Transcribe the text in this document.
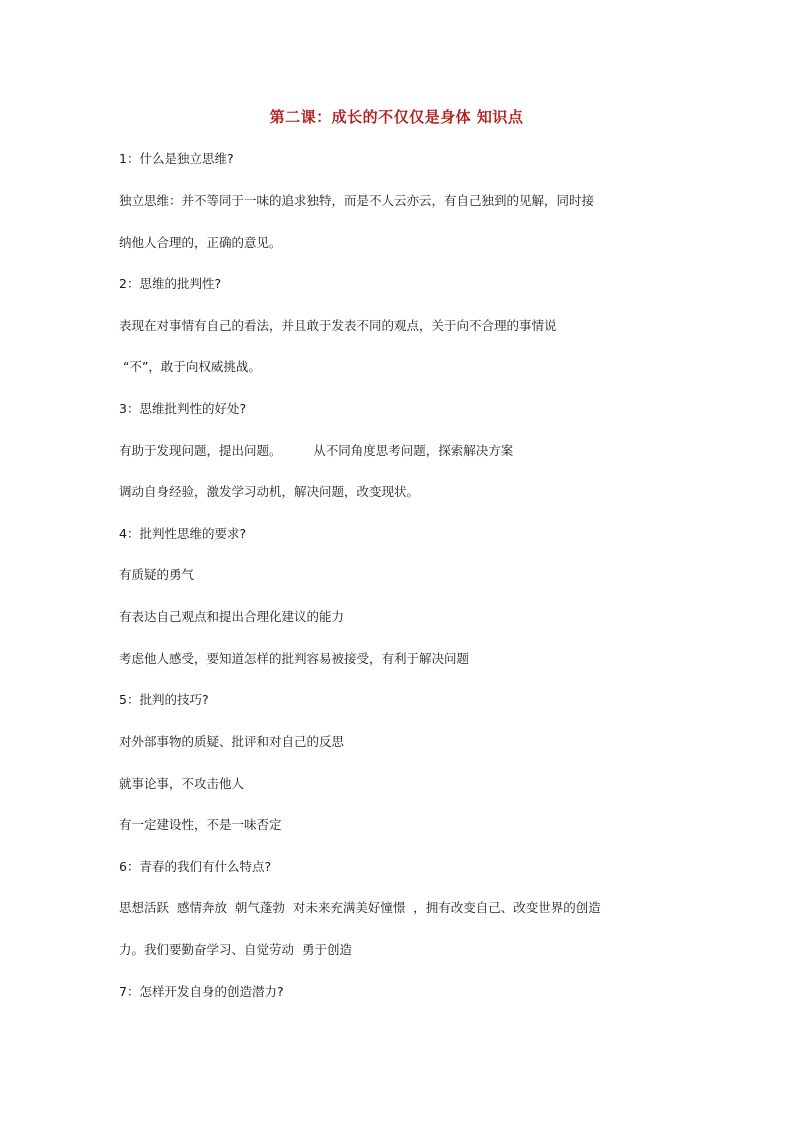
第二课：成长的不仅仅是身体 知识点
1：什么是独立思维?
独立思维：并不等同于一味的追求独特，而是不人云亦云，有自己独到的见解，同时接
纳他人合理的，正确的意见。
2：思维的批判性?
表现在对事情有自己的看法，并且敢于发表不同的观点，关于向不合理的事情说
“不”，敢于向权威挑战。
3：思维批判性的好处?
有助于发现问题，提出问题。        从不同角度思考问题，探索解决方案
调动自身经验，激发学习动机，解决问题，改变现状。
4：批判性思维的要求?
有质疑的勇气
有表达自己观点和提出合理化建议的能力
考虑他人感受，要知道怎样的批判容易被接受，有利于解决问题
5：批判的技巧?
对外部事物的质疑、批评和对自己的反思
就事论事，不攻击他人
有一定建设性，不是一味否定
6：青春的我们有什么特点?
思想活跃  感情奔放  朝气蓬勃  对未来充满美好憧憬  ，拥有改变自己、改变世界的创造
力。我们要勤奋学习、自觉劳动  勇于创造
7：怎样开发自身的创造潜力?
